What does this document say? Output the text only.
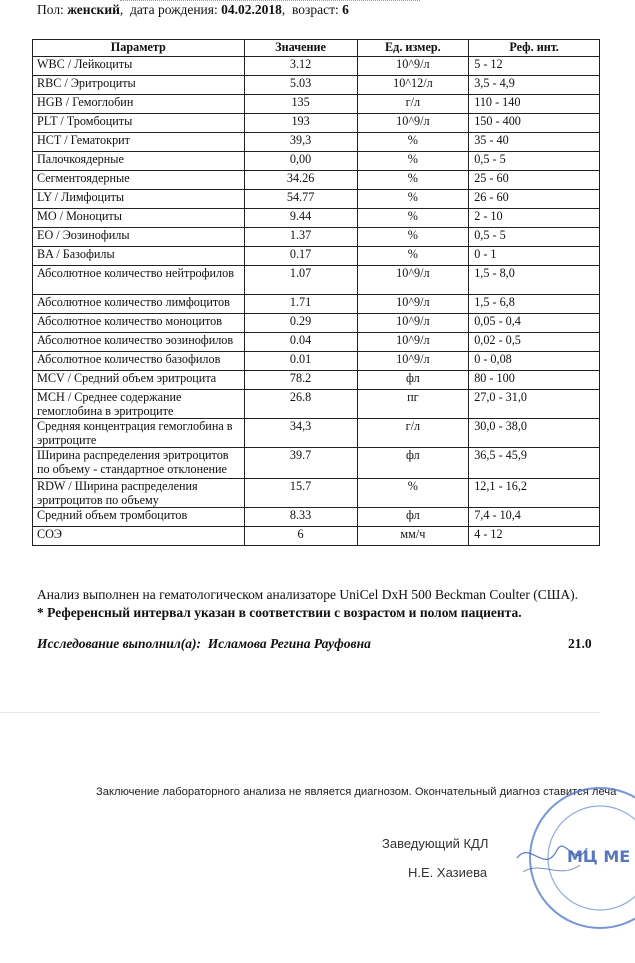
Пол: женский,  дата рождения: 04.02.2018,  возраст: 6
Параметр	Значение	Ед. измер.	Реф. инт.
WBC / Лейкоциты	3.12	10^9/л	5 - 12
RBC / Эритроциты	5.03	10^12/л	3,5 - 4,9
HGB / Гемоглобин	135	г/л	110 - 140
PLT / Тромбоциты	193	10^9/л	150 - 400
HCT / Гематокрит	39,3	%	35 - 40
Палочкоядерные	0,00	%	0,5 - 5
Сегментоядерные	34.26	%	25 - 60
LY / Лимфоциты	54.77	%	26 - 60
MO / Моноциты	9.44	%	2 - 10
EO / Эозинофилы	1.37	%	0,5 - 5
BA / Базофилы	0.17	%	0 - 1
Абсолютное количество нейтрофилов	1.07	10^9/л	1,5 - 8,0
Абсолютное количество лимфоцитов	1.71	10^9/л	1,5 - 6,8
Абсолютное количество моноцитов	0.29	10^9/л	0,05 - 0,4
Абсолютное количество эозинофилов	0.04	10^9/л	0,02 - 0,5
Абсолютное количество базофилов	0.01	10^9/л	0 - 0,08
MCV / Средний объем эритроцита	78.2	фл	80 - 100
MCH / Среднее содержание гемоглобина в эритроците	26.8	пг	27,0 - 31,0
Средняя концентрация гемоглобина в эритроците	34,3	г/л	30,0 - 38,0
Ширина распределения эритроцитов по объему - стандартное отклонение	39.7	фл	36,5 - 45,9
RDW / Ширина распределения эритроцитов по объему	15.7	%	12,1 - 16,2
Средний объем тромбоцитов	8.33	фл	7,4 - 10,4
СОЭ	6	мм/ч	4 - 12
Анализ выполнен на гематологическом анализаторе UniCel DxH 500 Beckman Coulter (США).
* Референсный интервал указан в соответствии с возрастом и полом пациента.
Исследование выполнил(а): Исламова Регина Рауфовна	21.0
Заключение лабораторного анализа не является диагнозом. Окончательный диагноз ставится леча
Заведующий КДЛ
Н.Е. Хазиева
МЦ МЕ
